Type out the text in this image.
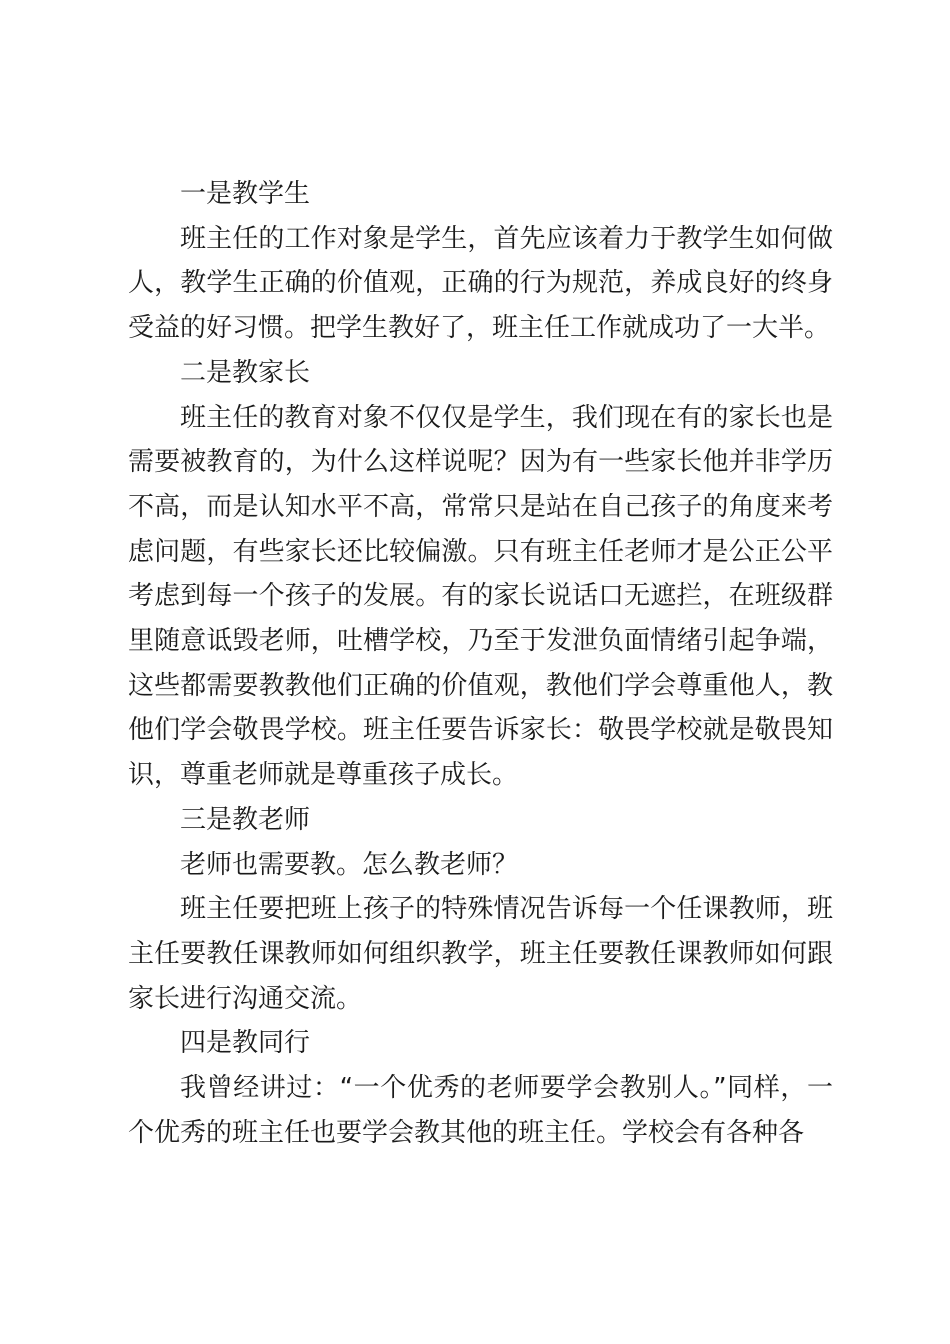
一是教学生

班主任的工作对象是学生，首先应该着力于教学生如何做人，教学生正确的价值观，正确的行为规范，养成良好的终身受益的好习惯。把学生教好了，班主任工作就成功了一大半。

二是教家长

班主任的教育对象不仅仅是学生，我们现在有的家长也是需要被教育的，为什么这样说呢？因为有一些家长他并非学历不高，而是认知水平不高，常常只是站在自己孩子的角度来考虑问题，有些家长还比较偏激。只有班主任老师才是公正公平考虑到每一个孩子的发展。有的家长说话口无遮拦，在班级群里随意诋毁老师，吐槽学校，乃至于发泄负面情绪引起争端，这些都需要教教他们正确的价值观，教他们学会尊重他人，教他们学会敬畏学校。班主任要告诉家长：敬畏学校就是敬畏知识，尊重老师就是尊重孩子成长。

三是教老师

老师也需要教。怎么教老师？

班主任要把班上孩子的特殊情况告诉每一个任课教师，班主任要教任课教师如何组织教学，班主任要教任课教师如何跟家长进行沟通交流。

四是教同行

我曾经讲过：“一个优秀的老师要学会教别人。”同样，一个优秀的班主任也要学会教其他的班主任。学校会有各种各
